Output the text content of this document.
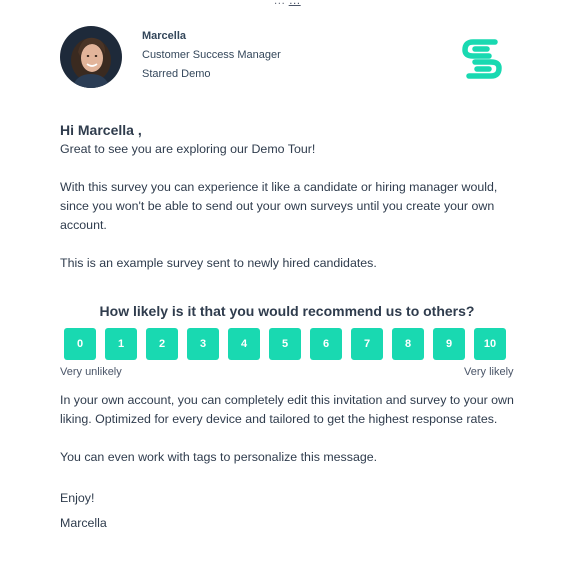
… …
Marcella
Customer Success Manager
Starred Demo

Hi Marcella ,

Great to see you are exploring our Demo Tour!

With this survey you can experience it like a candidate or hiring manager would, since you won't be able to send out your own surveys until you create your own account.

This is an example survey sent to newly hired candidates.

How likely is it that you would recommend us to others?
0	1	2	3	4	5	6	7	8	9	10
Very unlikely	Very likely

In your own account, you can completely edit this invitation and survey to your own liking. Optimized for every device and tailored to get the highest response rates.

You can even work with tags to personalize this message.

Enjoy!

Marcella
